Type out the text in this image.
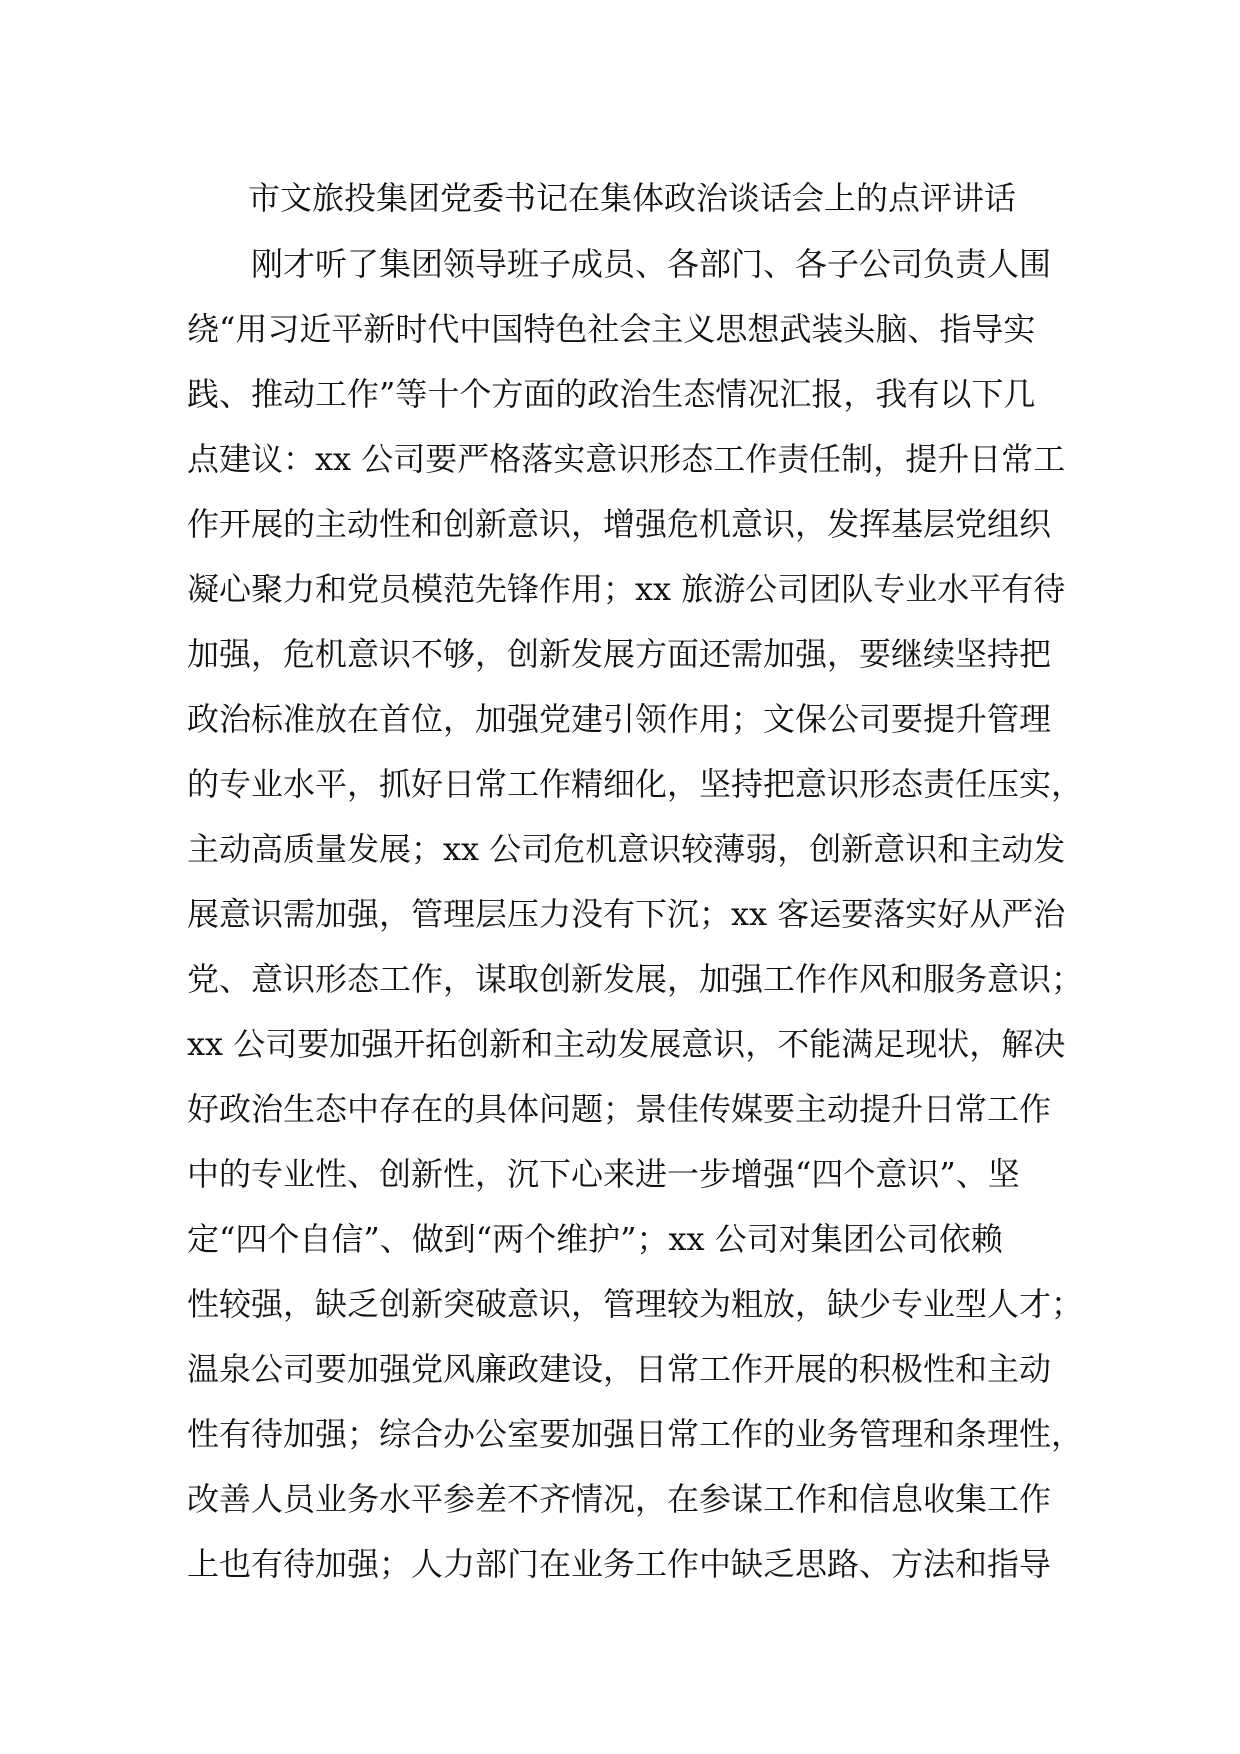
市文旅投集团党委书记在集体政治谈话会上的点评讲话

刚才听了集团领导班子成员、各部门、各子公司负责人围

绕“用习近平新时代中国特色社会主义思想武装头脑、指导实

践、推动工作”等十个方面的政治生态情况汇报，我有以下几

点建议：xx 公司要严格落实意识形态工作责任制，提升日常工

作开展的主动性和创新意识，增强危机意识，发挥基层党组织

凝心聚力和党员模范先锋作用；xx 旅游公司团队专业水平有待

加强，危机意识不够，创新发展方面还需加强，要继续坚持把

政治标准放在首位，加强党建引领作用；文保公司要提升管理

的专业水平，抓好日常工作精细化，坚持把意识形态责任压实，

主动高质量发展；xx 公司危机意识较薄弱，创新意识和主动发

展意识需加强，管理层压力没有下沉；xx 客运要落实好从严治

党、意识形态工作，谋取创新发展，加强工作作风和服务意识；

xx 公司要加强开拓创新和主动发展意识，不能满足现状，解决

好政治生态中存在的具体问题；景佳传媒要主动提升日常工作

中的专业性、创新性，沉下心来进一步增强“四个意识”、坚

定“四个自信”、做到“两个维护”；xx 公司对集团公司依赖

性较强，缺乏创新突破意识，管理较为粗放，缺少专业型人才；

温泉公司要加强党风廉政建设，日常工作开展的积极性和主动

性有待加强；综合办公室要加强日常工作的业务管理和条理性，

改善人员业务水平参差不齐情况，在参谋工作和信息收集工作

上也有待加强；人力部门在业务工作中缺乏思路、方法和指导
